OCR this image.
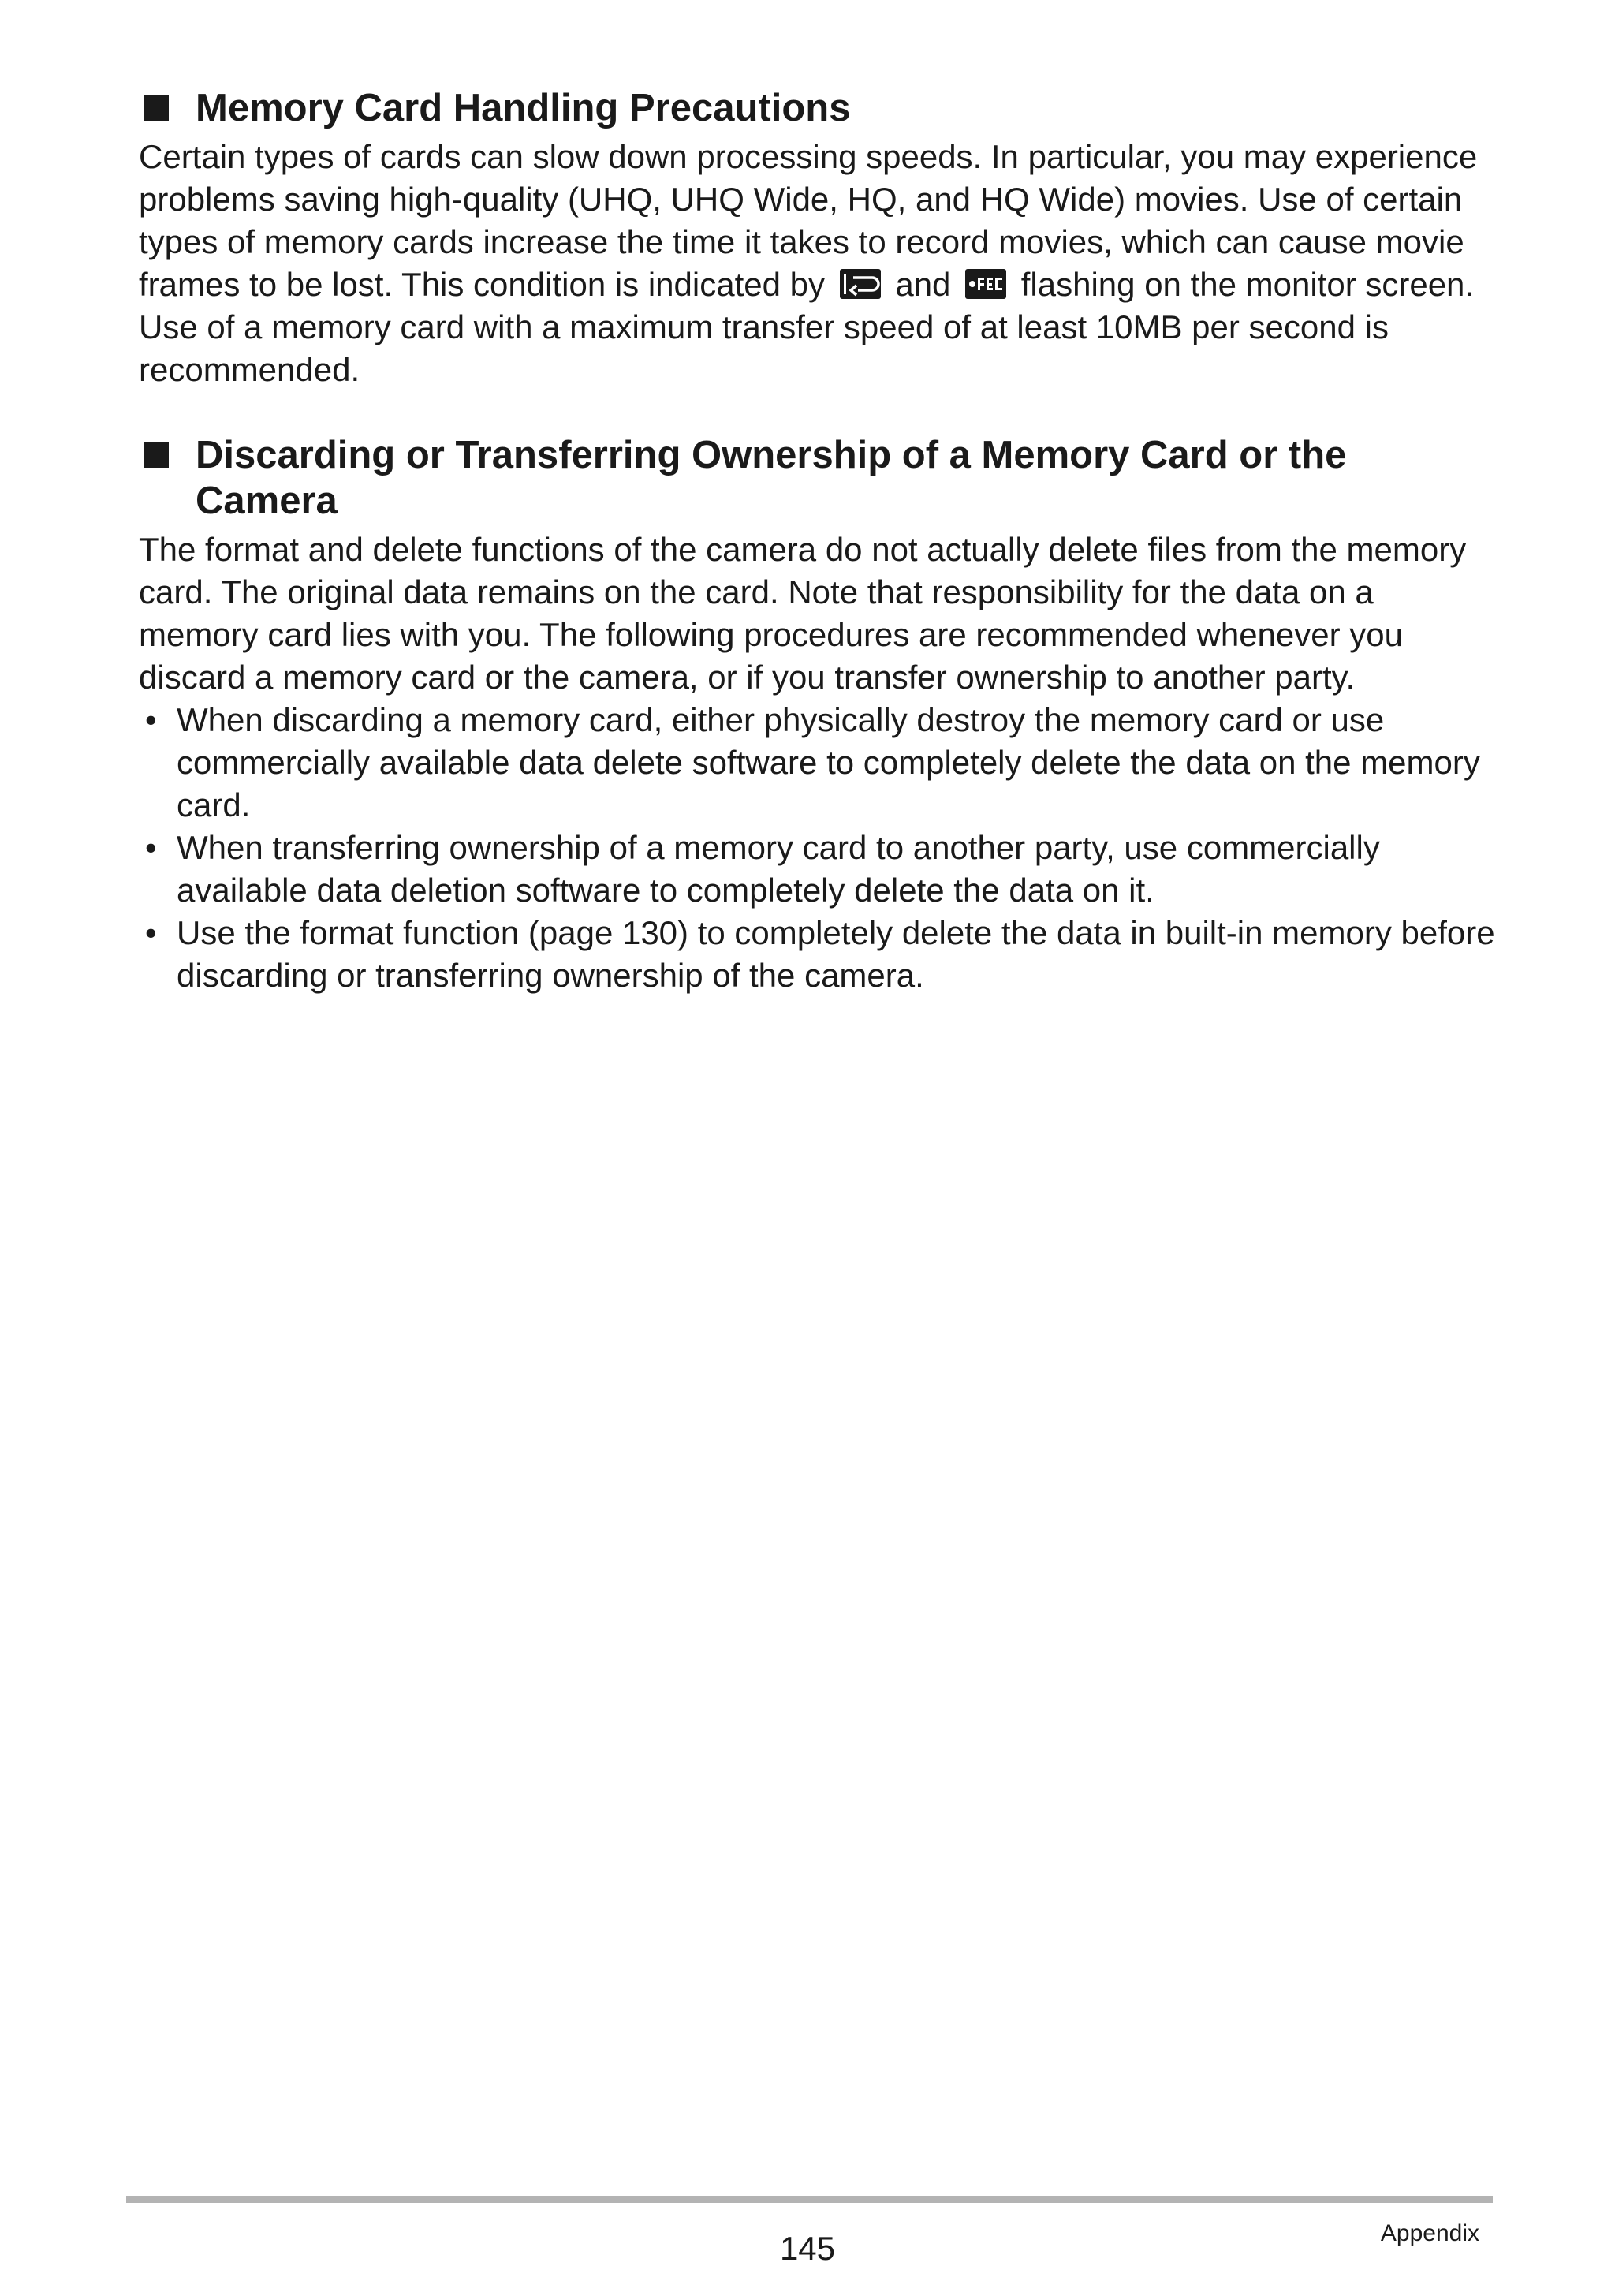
Memory Card Handling Precautions

Certain types of cards can slow down processing speeds. In particular, you may experience problems saving high-quality (UHQ, UHQ Wide, HQ, and HQ Wide) movies. Use of certain types of memory cards increase the time it takes to record movies, which can cause movie frames to be lost. This condition is indicated by  and  flashing on the monitor screen. Use of a memory card with a maximum transfer speed of at least 10MB per second is recommended.

Discarding or Transferring Ownership of a Memory Card or the Camera

The format and delete functions of the camera do not actually delete files from the memory card. The original data remains on the card. Note that responsibility for the data on a memory card lies with you. The following procedures are recommended whenever you discard a memory card or the camera, or if you transfer ownership to another party.

• When discarding a memory card, either physically destroy the memory card or use commercially available data delete software to completely delete the data on the memory card.
• When transferring ownership of a memory card to another party, use commercially available data deletion software to completely delete the data on it.
• Use the format function (page 130) to completely delete the data in built-in memory before discarding or transferring ownership of the camera.
145	Appendix
